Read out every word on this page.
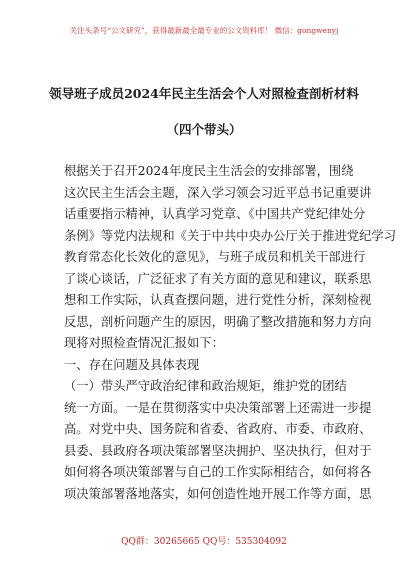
关注头条号“公文研究”，获得最新最全最专业的公文资料库！ 微信：gongwenyj
领导班子成员2024年民主生活会个人对照检查剖析材料
（四个带头）
根据关于召开2024年度民主生活会的安排部署，围绕
这次民主生活会主题，深入学习领会习近平总书记重要讲
话重要指示精神，认真学习党章、《中国共产党纪律处分
条例》等党内法规和《关于中共中央办公厅关于推进党纪学习
教育常态化长效化的意见》，与班子成员和机关干部进行
了谈心谈话，广泛征求了有关方面的意见和建议，联系思
想和工作实际，认真查摆问题，进行党性分析，深刻检视
反思，剖析问题产生的原因，明确了整改措施和努力方向
现将对照检查情况汇报如下：
一、存在问题及具体表现
（一）带头严守政治纪律和政治规矩，维护党的团结
统一方面。一是在贯彻落实中央决策部署上还需进一步提
高。对党中央、国务院和省委、省政府、市委、市政府、
县委、县政府各项决策部署坚决拥护、坚决执行，但对于
如何将各项决策部署与自己的工作实际相结合，如何将各
项决策部署落地落实，如何创造性地开展工作等方面，思
QQ群：30265665 QQ号：535304092
